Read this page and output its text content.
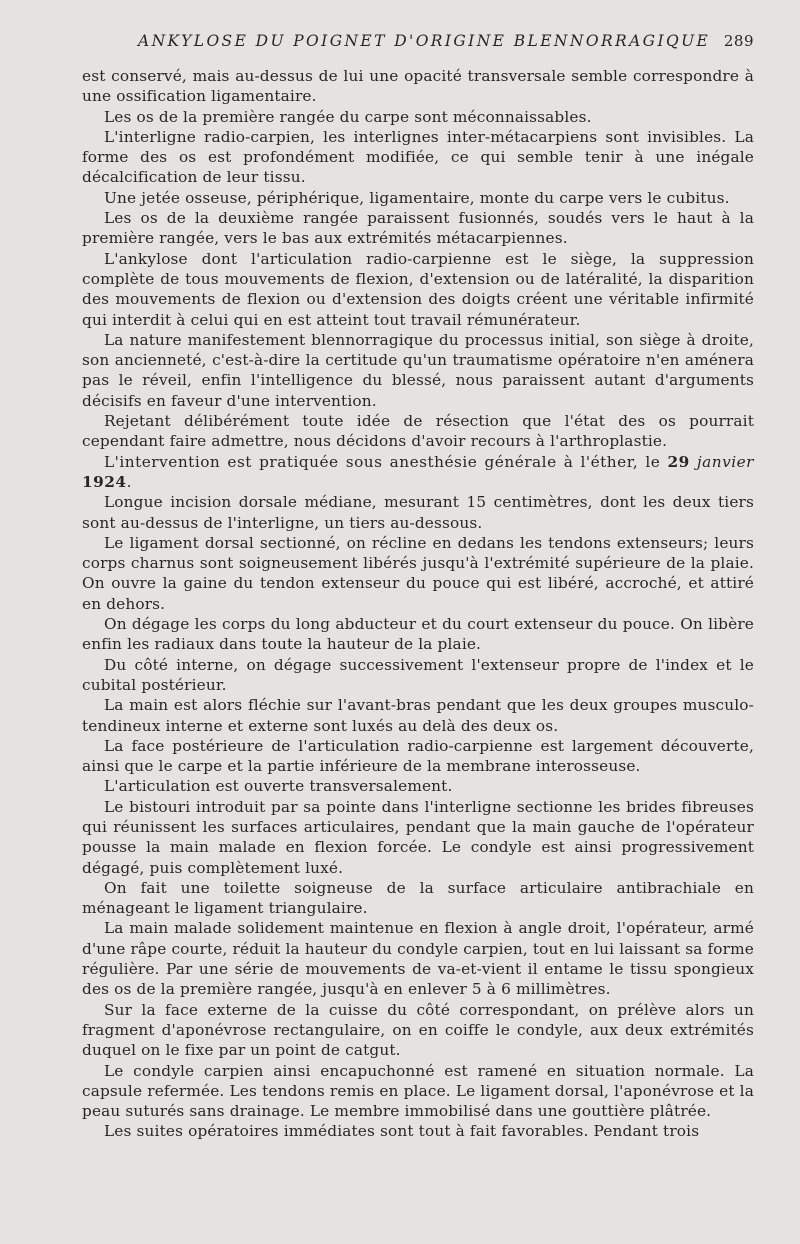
ANKYLOSE DU POIGNET D'ORIGINE BLENNORRAGIQUE 289

est conservé, mais au-dessus de lui une opacité transversale semble correspondre à une ossification ligamentaire.

Les os de la première rangée du carpe sont méconnaissables.

L'interligne radio-carpien, les interlignes inter-métacarpiens sont invisibles. La forme des os est profondément modifiée, ce qui semble tenir à une inégale décalcification de leur tissu.

Une jetée osseuse, périphérique, ligamentaire, monte du carpe vers le cubitus.

Les os de la deuxième rangée paraissent fusionnés, soudés vers le haut à la première rangée, vers le bas aux extrémités métacarpiennes.

L'ankylose dont l'articulation radio-carpienne est le siège, la suppression complète de tous mouvements de flexion, d'extension ou de latéralité, la disparition des mouvements de flexion ou d'extension des doigts créent une véritable infirmité qui interdit à celui qui en est atteint tout travail rémunérateur.

La nature manifestement blennorragique du processus initial, son siège à droite, son ancienneté, c'est-à-dire la certitude qu'un traumatisme opératoire n'en aménera pas le réveil, enfin l'intelligence du blessé, nous paraissent autant d'arguments décisifs en faveur d'une intervention.

Rejetant délibérément toute idée de résection que l'état des os pourrait cependant faire admettre, nous décidons d'avoir recours à l'arthroplastie.

L'intervention est pratiquée sous anesthésie générale à l'éther, le 29 janvier 1924.

Longue incision dorsale médiane, mesurant 15 centimètres, dont les deux tiers sont au-dessus de l'interligne, un tiers au-dessous.

Le ligament dorsal sectionné, on récline en dedans les tendons extenseurs; leurs corps charnus sont soigneusement libérés jusqu'à l'extrémité supérieure de la plaie. On ouvre la gaine du tendon extenseur du pouce qui est libéré, accroché, et attiré en dehors.

On dégage les corps du long abducteur et du court extenseur du pouce. On libère enfin les radiaux dans toute la hauteur de la plaie.

Du côté interne, on dégage successivement l'extenseur propre de l'index et le cubital postérieur.

La main est alors fléchie sur l'avant-bras pendant que les deux groupes musculo-tendineux interne et externe sont luxés au delà des deux os.

La face postérieure de l'articulation radio-carpienne est largement découverte, ainsi que le carpe et la partie inférieure de la membrane interosseuse.

L'articulation est ouverte transversalement.

Le bistouri introduit par sa pointe dans l'interligne sectionne les brides fibreuses qui réunissent les surfaces articulaires, pendant que la main gauche de l'opérateur pousse la main malade en flexion forcée. Le condyle est ainsi progressivement dégagé, puis complètement luxé.

On fait une toilette soigneuse de la surface articulaire antibrachiale en ménageant le ligament triangulaire.

La main malade solidement maintenue en flexion à angle droit, l'opérateur, armé d'une râpe courte, réduit la hauteur du condyle carpien, tout en lui laissant sa forme régulière. Par une série de mouvements de va-et-vient il entame le tissu spongieux des os de la première rangée, jusqu'à en enlever 5 à 6 millimètres.

Sur la face externe de la cuisse du côté correspondant, on prélève alors un fragment d'aponévrose rectangulaire, on en coiffe le condyle, aux deux extrémités duquel on le fixe par un point de catgut.

Le condyle carpien ainsi encapuchonné est ramené en situation normale. La capsule refermée. Les tendons remis en place. Le ligament dorsal, l'aponévrose et la peau suturés sans drainage. Le membre immobilisé dans une gouttière plâtrée.

Les suites opératoires immédiates sont tout à fait favorables. Pendant trois
